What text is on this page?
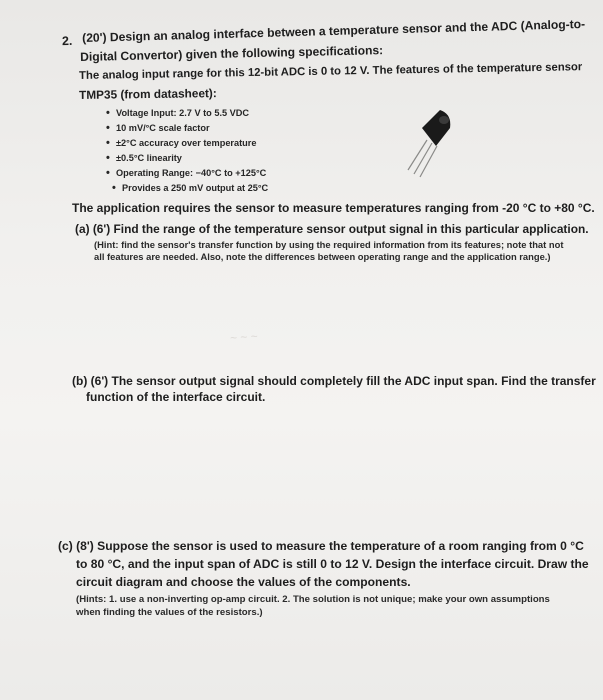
~ ~ ~
2. (20') Design an analog interface between a temperature sensor and the ADC (Analog-to-
Digital Convertor) given the following specifications:
The analog input range for this 12-bit ADC is 0 to 12 V. The features of the temperature sensor
TMP35 (from datasheet):
• Voltage Input: 2.7 V to 5.5 VDC
• 10 mV/°C scale factor
• ±2°C accuracy over temperature
• ±0.5°C linearity
• Operating Range: −40°C to +125°C
• Provides a 250 mV output at 25°C
The application requires the sensor to measure temperatures ranging from -20 °C to +80 °C.
(a) (6') Find the range of the temperature sensor output signal in this particular application.
(Hint: find the sensor's transfer function by using the required information from its features; note that not
all features are needed. Also, note the differences between operating range and the application range.)
(b) (6') The sensor output signal should completely fill the ADC input span. Find the transfer
function of the interface circuit.
(c) (8') Suppose the sensor is used to measure the temperature of a room ranging from 0 °C
to 80 °C, and the input span of ADC is still 0 to 12 V. Design the interface circuit. Draw the
circuit diagram and choose the values of the components.
(Hints: 1. use a non-inverting op-amp circuit. 2. The solution is not unique; make your own assumptions
when finding the values of the resistors.)
